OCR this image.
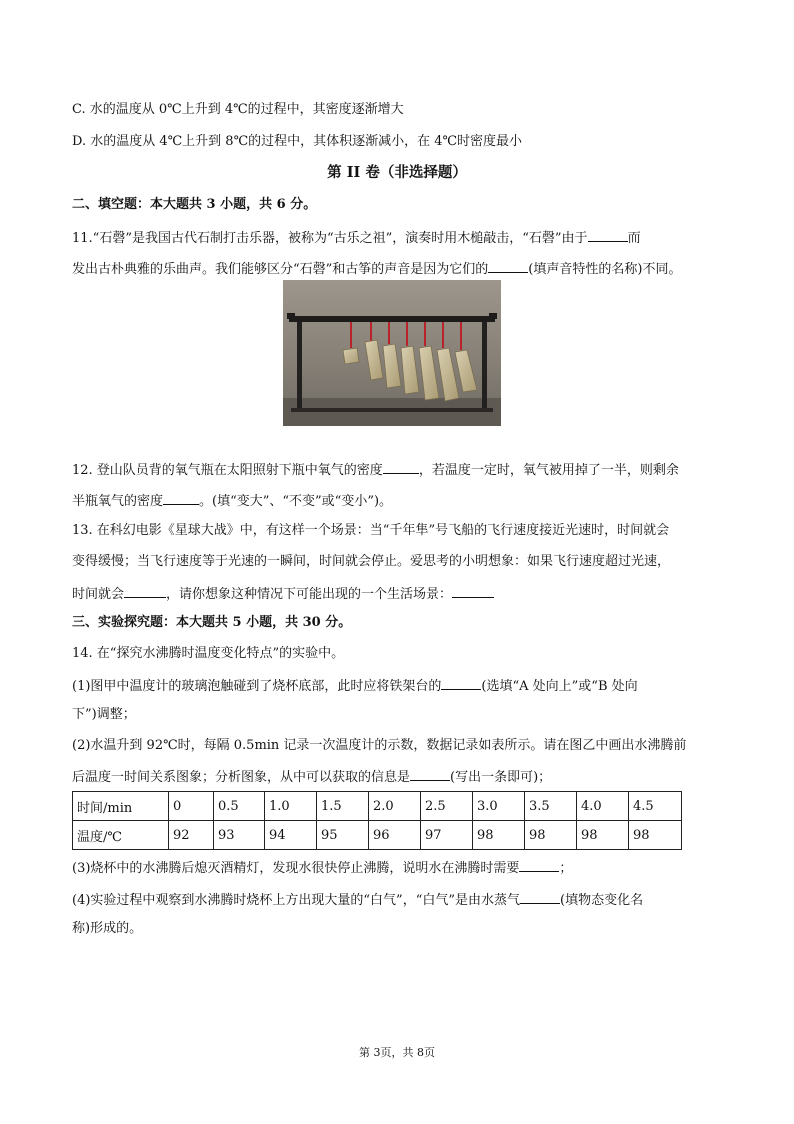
C. 水的温度从 0℃上升到 4℃的过程中，其密度逐渐增大
D. 水的温度从 4℃上升到 8℃的过程中，其体积逐渐减小，在 4℃时密度最小
第 II 卷（非选择题）
二、填空题：本大题共 3 小题，共 6 分。
11.“石磬”是我国古代石制打击乐器，被称为“古乐之祖”，演奏时用木槌敲击，“石磬”由于	而
发出古朴典雅的乐曲声。我们能够区分“石磬”和古筝的声音是因为它们的	(填声音特性的名称)不同。
12. 登山队员背的氧气瓶在太阳照射下瓶中氧气的密度	，若温度一定时，氧气被用掉了一半，则剩余
半瓶氧气的密度	。(填“变大”、“不变”或“变小”)。
13. 在科幻电影《星球大战》中，有这样一个场景：当“千年隼”号飞船的飞行速度接近光速时，时间就会
变得缓慢；当飞行速度等于光速的一瞬间，时间就会停止。爱思考的小明想象：如果飞行速度超过光速，
时间就会	，请你想象这种情况下可能出现的一个生活场景：
三、实验探究题：本大题共 5 小题，共 30 分。
14. 在“探究水沸腾时温度变化特点”的实验中。
(1)图甲中温度计的玻璃泡触碰到了烧杯底部，此时应将铁架台的	(选填“A 处向上”或“B 处向
下”)调整；
(2)水温升到 92℃时，每隔 0.5min 记录一次温度计的示数，数据记录如表所示。请在图乙中画出水沸腾前
后温度一时间关系图象；分析图象，从中可以获取的信息是	(写出一条即可)；
时间/min	0	0.5	1.0	1.5	2.0	2.5	3.0	3.5	4.0	4.5
温度/℃	92	93	94	95	96	97	98	98	98	98
(3)烧杯中的水沸腾后熄灭酒精灯，发现水很快停止沸腾，说明水在沸腾时需要	；
(4)实验过程中观察到水沸腾时烧杯上方出现大量的“白气”，“白气”是由水蒸气	(填物态变化名
称)形成的。
第 3页，共 8页
